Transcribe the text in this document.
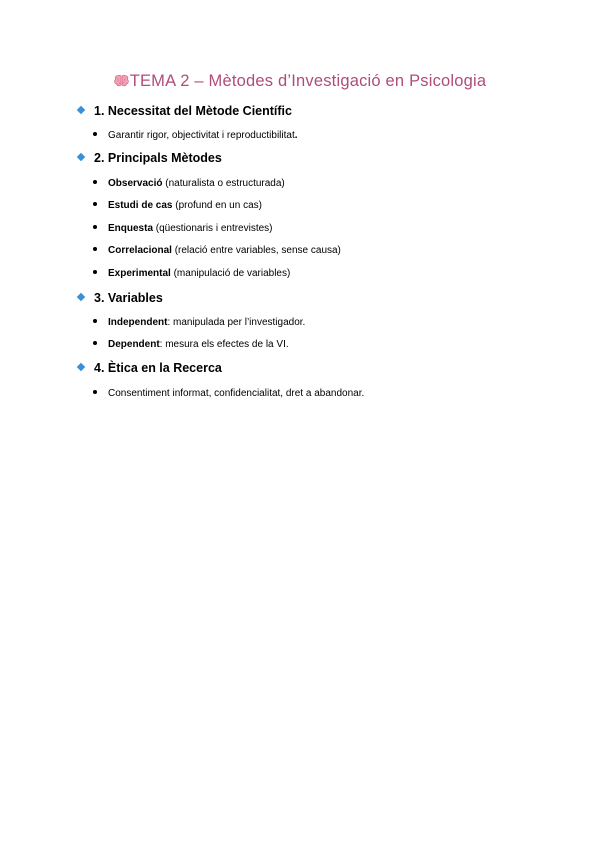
TEMA 2 – Mètodes d’Investigació en Psicologia
1. Necessitat del Mètode Científic
Garantir rigor, objectivitat i reproductibilitat.
2. Principals Mètodes
Observació (naturalista o estructurada)
Estudi de cas (profund en un cas)
Enquesta (qüestionaris i entrevistes)
Correlacional (relació entre variables, sense causa)
Experimental (manipulació de variables)
3. Variables
Independent: manipulada per l’investigador.
Dependent: mesura els efectes de la VI.
4. Ètica en la Recerca
Consentiment informat, confidencialitat, dret a abandonar.
